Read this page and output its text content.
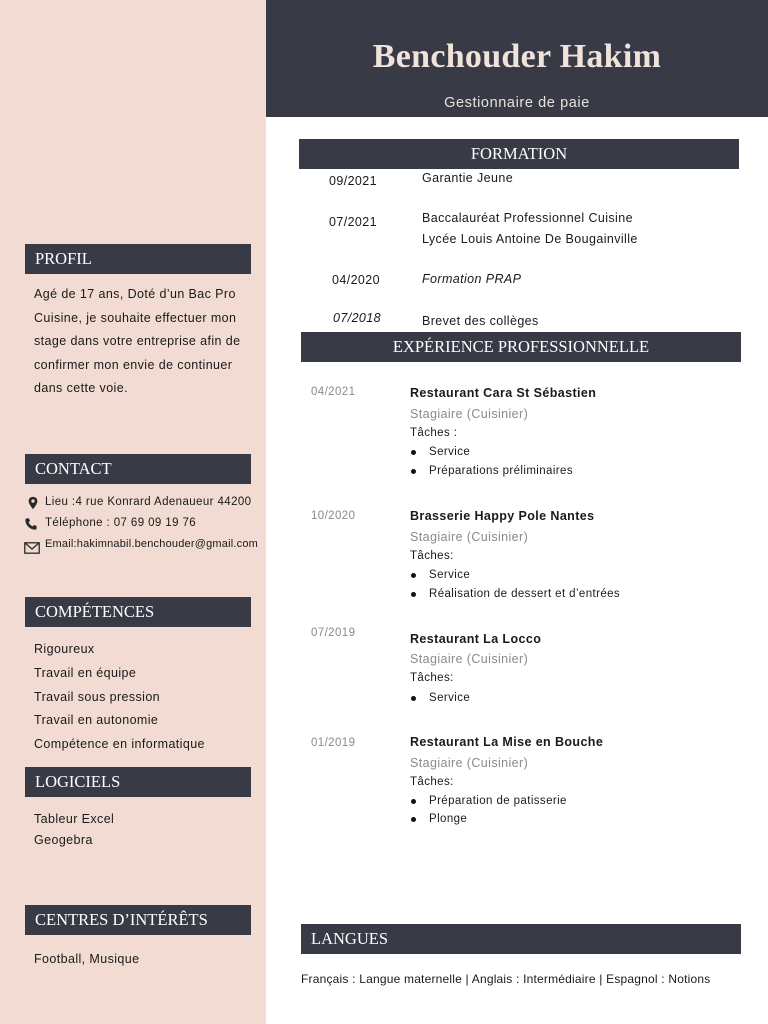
Benchouder Hakim
Gestionnaire de paie
PROFIL
Agé de 17 ans, Doté d’un Bac Pro Cuisine, je souhaite effectuer mon stage dans votre entreprise afin de confirmer mon envie de continuer dans cette voie.
CONTACT
Lieu :4 rue Konrard Adenaueur 44200
Téléphone : 07 69 09 19 76
Email:hakimnabil.benchouder@gmail.com
COMPÉTENCES
Rigoureux
Travail en équipe
Travail sous pression
Travail en autonomie
Compétence en informatique
LOGICIELS
Tableur Excel
Geogebra
CENTRES D’INTÉRÊTS
Football, Musique
FORMATION
09/2021	Garantie Jeune
07/2021	Baccalauréat Professionnel Cuisine
Lycée Louis Antoine De Bougainville
04/2020	Formation PRAP
07/2018	Brevet des collèges
EXPÉRIENCE PROFESSIONNELLE
04/2021	Restaurant Cara St Sébastien
Stagiaire (Cuisinier)
Tâches :
Service
Préparations préliminaires
10/2020	Brasserie Happy Pole Nantes
Stagiaire (Cuisinier)
Tâches:
Service
Réalisation de dessert et d’entrées
07/2019	Restaurant La Locco
Stagiaire (Cuisinier)
Tâches:
Service
01/2019	Restaurant La Mise en Bouche
Stagiaire (Cuisinier)
Tâches:
Préparation de patisserie
Plonge
LANGUES
Français : Langue maternelle | Anglais : Intermédiaire | Espagnol : Notions
